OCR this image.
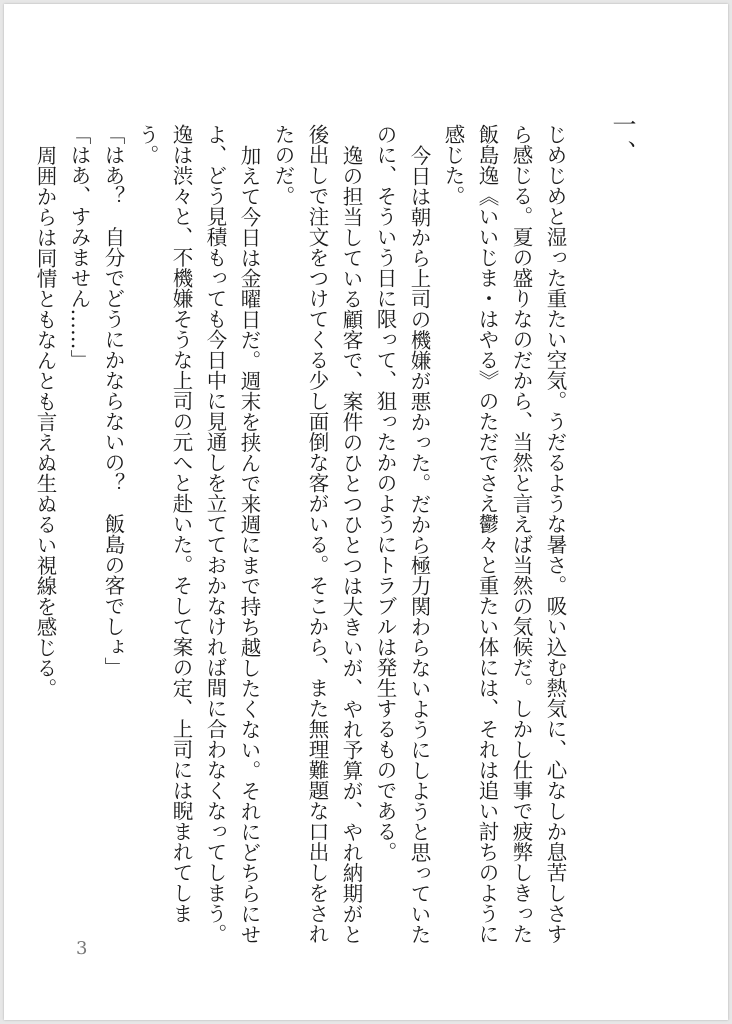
一、

じめじめと湿った重たい空気。うだるような暑さ。吸い込む熱気に、心なしか息苦しさすら感じる。夏の盛りなのだから、当然と言えば当然の気候だ。しかし仕事で疲弊しきった飯島逸《いいじま・はやる》のただでさえ鬱々と重たい体には、それは追い討ちのように感じた。

今日は朝から上司の機嫌が悪かった。だから極力関わらないようにしようと思っていたのに、そういう日に限って、狙ったかのようにトラブルは発生するものである。

逸の担当している顧客で、案件のひとつひとつは大きいが、やれ予算が、やれ納期がと後出しで注文をつけてくる少し面倒な客がいる。そこから、また無理難題な口出しをされたのだ。

加えて今日は金曜日だ。週末を挟んで来週にまで持ち越したくない。それにどちらにせよ、どう見積もっても今日中に見通しを立てておかなければ間に合わなくなってしまう。逸は渋々と、不機嫌そうな上司の元へと赴いた。そして案の定、上司には睨まれてしまう。

「はあ？　自分でどうにかならないの？　飯島の客でしょ」

「はあ、すみません……」

周囲からは同情ともなんとも言えぬ生ぬるい視線を感じる。

3
